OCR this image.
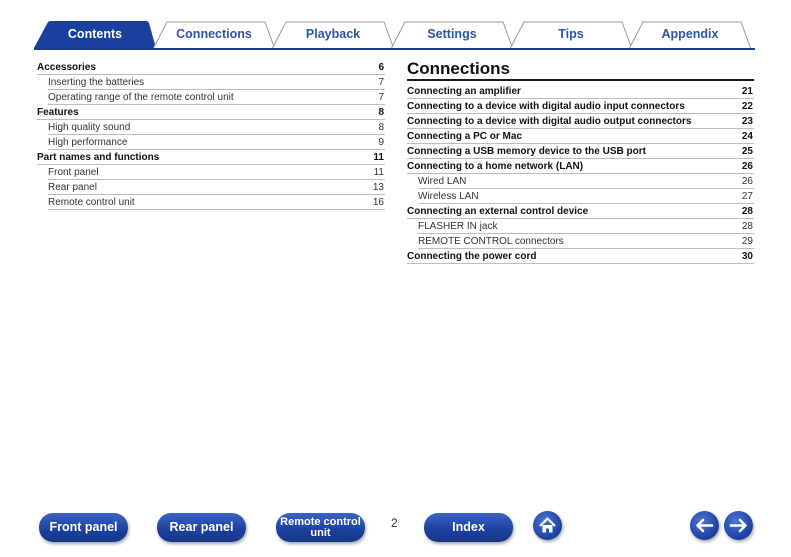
Contents	Connections	Playback	Settings	Tips	Appendix
Accessories	6
Inserting the batteries	7
Operating range of the remote control unit	7
Features	8
High quality sound	8
High performance	9
Part names and functions	11
Front panel	11
Rear panel	13
Remote control unit	16
Connections
Connecting an amplifier	21
Connecting to a device with digital audio input connectors	22
Connecting to a device with digital audio output connectors	23
Connecting a PC or Mac	24
Connecting a USB memory device to the USB port	25
Connecting to a home network (LAN)	26
Wired LAN	26
Wireless LAN	27
Connecting an external control device	28
FLASHER IN jack	28
REMOTE CONTROL connectors	29
Connecting the power cord	30
Front panel	Rear panel	Remote control
unit
2	Index
